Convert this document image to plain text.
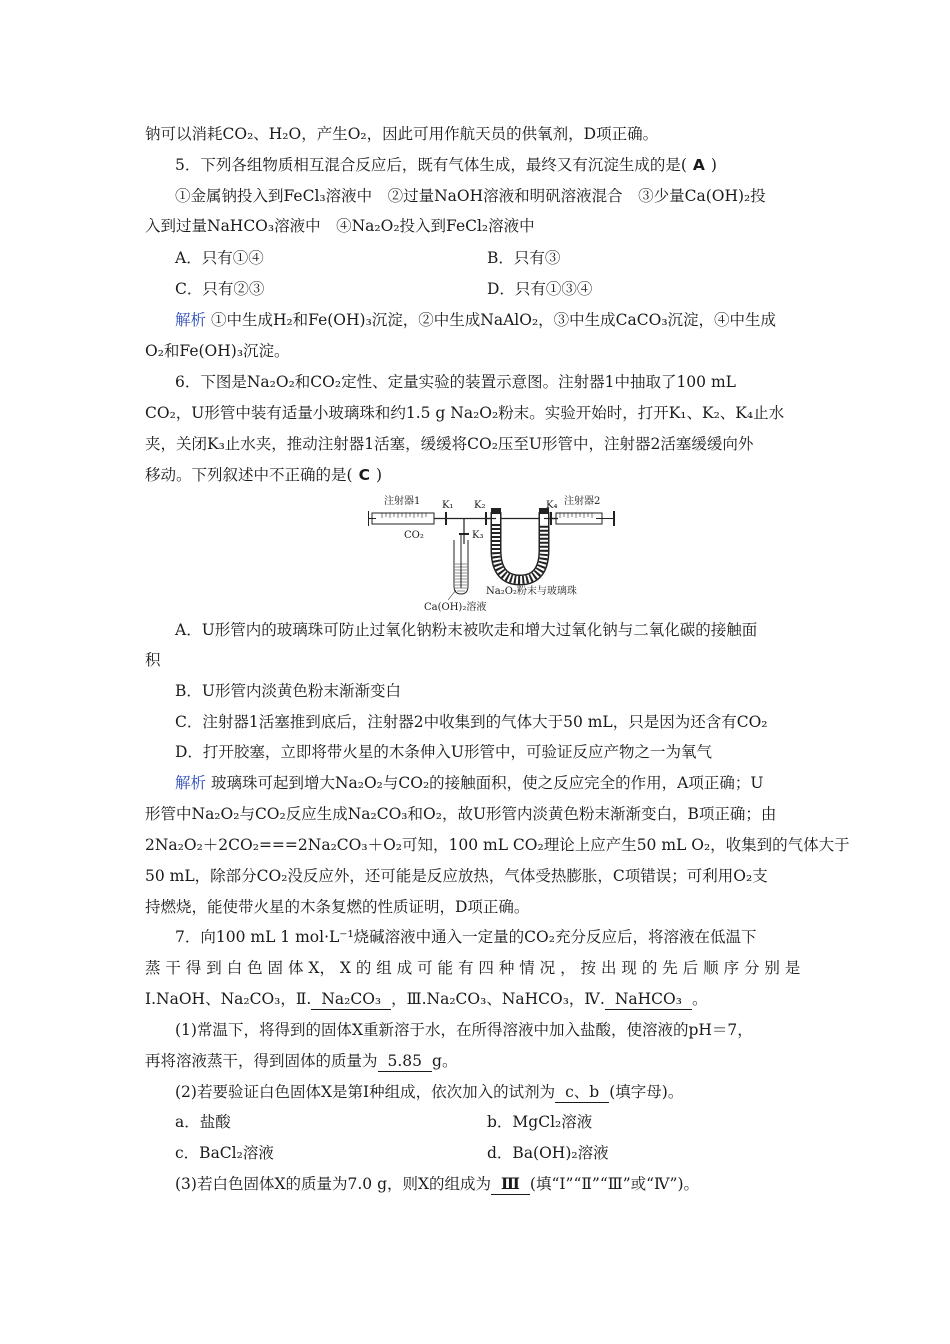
钠可以消耗CO₂、H₂O，产生O₂，因此可用作航天员的供氧剂，D项正确。
5．下列各组物质相互混合反应后，既有气体生成，最终又有沉淀生成的是( A )
①金属钠投入到FeCl₃溶液中　②过量NaOH溶液和明矾溶液混合　③少量Ca(OH)₂投
入到过量NaHCO₃溶液中　④Na₂O₂投入到FeCl₂溶液中
A．只有①④	B．只有③
C．只有②③	D．只有①③④
解析 ①中生成H₂和Fe(OH)₃沉淀，②中生成NaAlO₂，③中生成CaCO₃沉淀，④中生成
O₂和Fe(OH)₃沉淀。
6．下图是Na₂O₂和CO₂定性、定量实验的装置示意图。注射器1中抽取了100 mL
CO₂，U形管中装有适量小玻璃珠和约1.5 g Na₂O₂粉末。实验开始时，打开K₁、K₂、K₄止水
夹，关闭K₃止水夹，推动注射器1活塞，缓缓将CO₂压至U形管中，注射器2活塞缓缓向外
移动。下列叙述中不正确的是( C )
注射器1	注射器2
K₁ K₂
K₃
K₄
CO₂
Na₂O₂粉末与玻璃珠
Ca(OH)₂溶液
A．U形管内的玻璃珠可防止过氧化钠粉末被吹走和增大过氧化钠与二氧化碳的接触面
积
B．U形管内淡黄色粉末渐渐变白
C．注射器1活塞推到底后，注射器2中收集到的气体大于50 mL，只是因为还含有CO₂
D．打开胶塞，立即将带火星的木条伸入U形管中，可验证反应产物之一为氧气
解析 玻璃珠可起到增大Na₂O₂与CO₂的接触面积，使之反应完全的作用，A项正确；U
形管中Na₂O₂与CO₂反应生成Na₂CO₃和O₂，故U形管内淡黄色粉末渐渐变白，B项正确；由
2Na₂O₂＋2CO₂===2Na₂CO₃＋O₂可知，100 mL CO₂理论上应产生50 mL O₂，收集到的气体大于
50 mL，除部分CO₂没反应外，还可能是反应放热，气体受热膨胀，C项错误；可利用O₂支
持燃烧，能使带火星的木条复燃的性质证明，D项正确。
7．向100 mL 1 mol·L⁻¹烧碱溶液中通入一定量的CO₂充分反应后，将溶液在低温下
蒸 干 得 到 白 色 固 体 X， X 的 组 成 可 能 有 四 种 情 况 ， 按 出 现 的 先 后 顺 序 分 别 是
Ⅰ.NaOH、Na₂CO₃，Ⅱ. Na₂CO₃ ，Ⅲ.Na₂CO₃、NaHCO₃，Ⅳ. NaHCO₃ 。
(1)常温下，将得到的固体X重新溶于水，在所得溶液中加入盐酸，使溶液的pH＝7，
再将溶液蒸干，得到固体的质量为 5.85 g。
(2)若要验证白色固体X是第Ⅰ种组成，依次加入的试剂为 c、b (填字母)。
a．盐酸	b．MgCl₂溶液
c．BaCl₂溶液	d．Ba(OH)₂溶液
(3)若白色固体X的质量为7.0 g，则X的组成为 Ⅲ (填“Ⅰ”“Ⅱ”“Ⅲ”或“Ⅳ”)。
